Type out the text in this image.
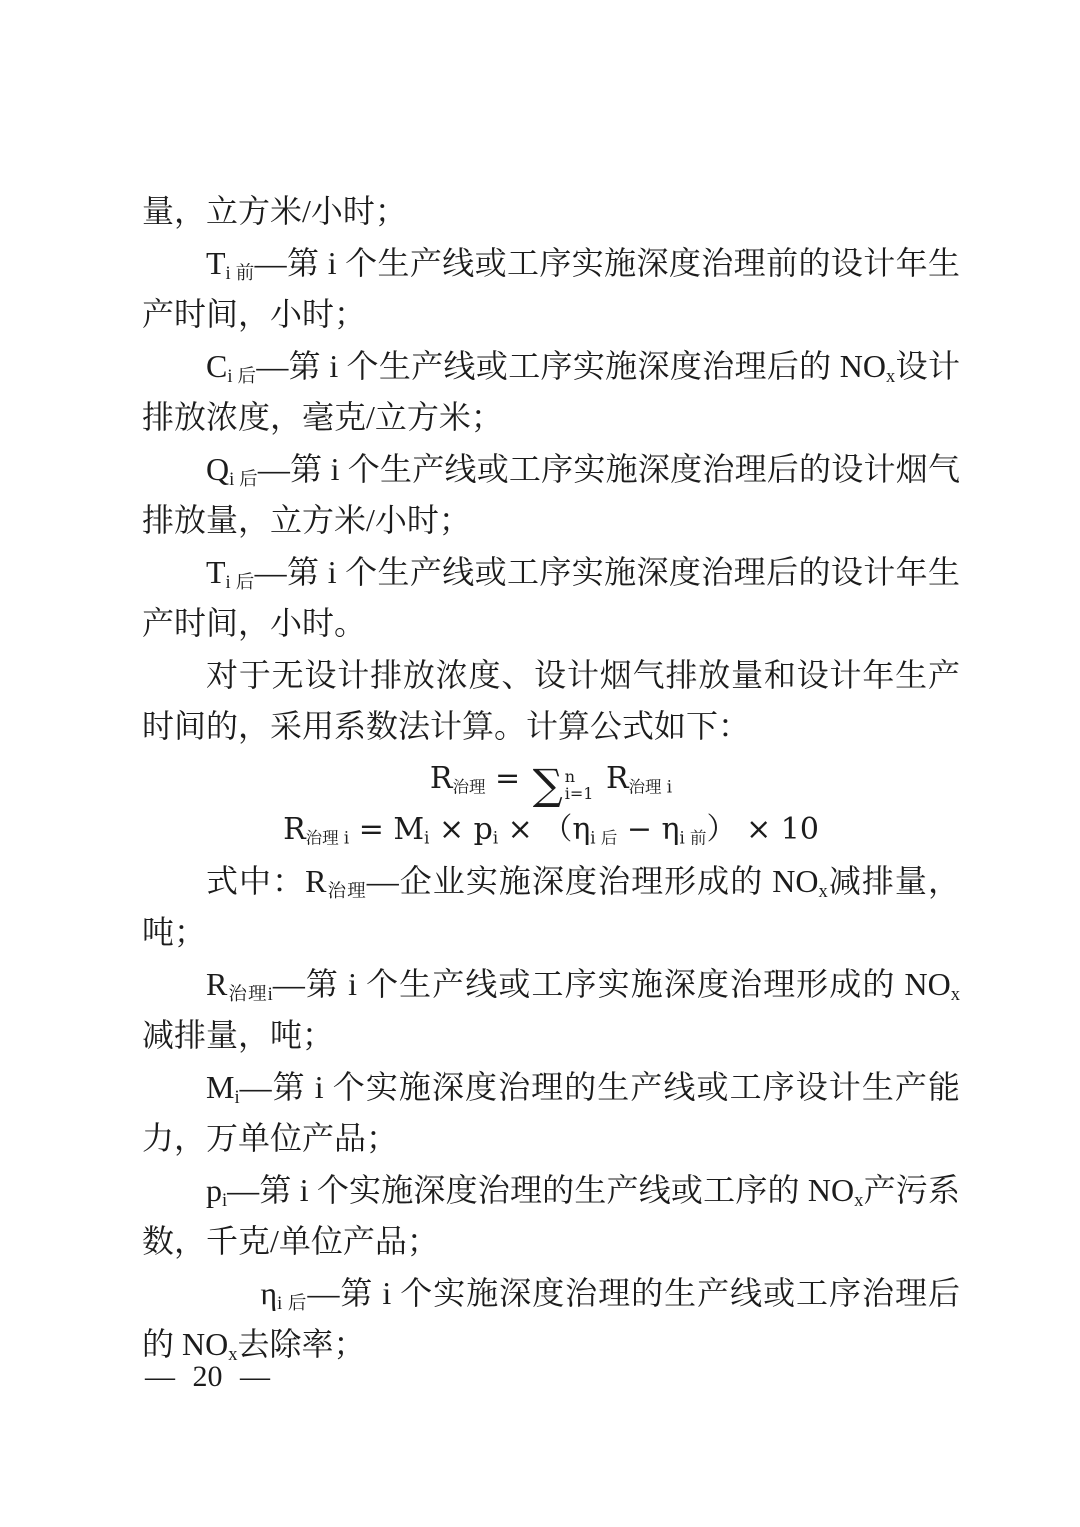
量，立方米/小时；

$T_{i 前}—$第 i 个生产线或工序实施深度治理前的设计年生产时间，小时；

$C_{i 后}—$第 i 个生产线或工序实施深度治理后的 $NO_x$设计排放浓度，毫克/立方米；

$Q_{i 后}—$第 i 个生产线或工序实施深度治理后的设计烟气排放量，立方米/小时；

$T_{i 后}—$第 i 个生产线或工序实施深度治理后的设计年生产时间，小时。

对于无设计排放浓度、设计烟气排放量和设计年生产时间的，采用系数法计算。计算公式如下：

$R_{治理}$ = ∑ n
i=1 $R_{治理 i}$
$R_{治理 i} = M_i \times p_i \times (\eta_{i 后} - \eta_{i 前}) \times 10$

式中：$R_{治理}—$企业实施深度治理形成的 $NO_x$减排量，吨；

$R_{治理i}—$第 i 个生产线或工序实施深度治理形成的 $NO_x$减排量，吨；

$M_i—$第 i 个实施深度治理的生产线或工序设计生产能力，万单位产品；

$p_i—$第 i 个实施深度治理的生产线或工序的 $NO_x$产污系数，千克/单位产品；

$\eta_{i 后}—$第 i 个实施深度治理的生产线或工序治理后的 $NO_x$去除率；

— 20 —
